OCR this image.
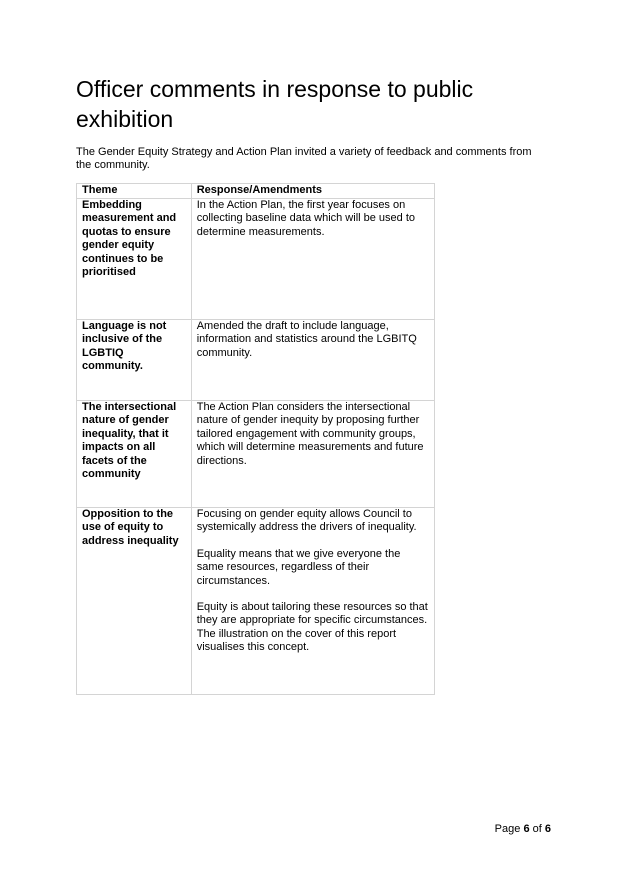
Officer comments in response to public exhibition

The Gender Equity Strategy and Action Plan invited a variety of feedback and comments from the community.

Theme	Response/Amendments
Embedding measurement and quotas to ensure gender equity continues to be prioritised	In the Action Plan, the first year focuses on collecting baseline data which will be used to determine measurements.

Language is not inclusive of the LGBTIQ community.	Amended the draft to include language, information and statistics around the LGBITQ community.

The intersectional nature of gender inequality, that it impacts on all facets of the community	The Action Plan considers the intersectional nature of gender inequity by proposing further tailored engagement with community groups, which will determine measurements and future directions.

Opposition to the use of equity to address inequality	Focusing on gender equity allows Council to systemically address the drivers of inequality.

Equality means that we give everyone the same resources, regardless of their circumstances.

Equity is about tailoring these resources so that they are appropriate for specific circumstances. The illustration on the cover of this report visualises this concept.

Page 6 of 6
